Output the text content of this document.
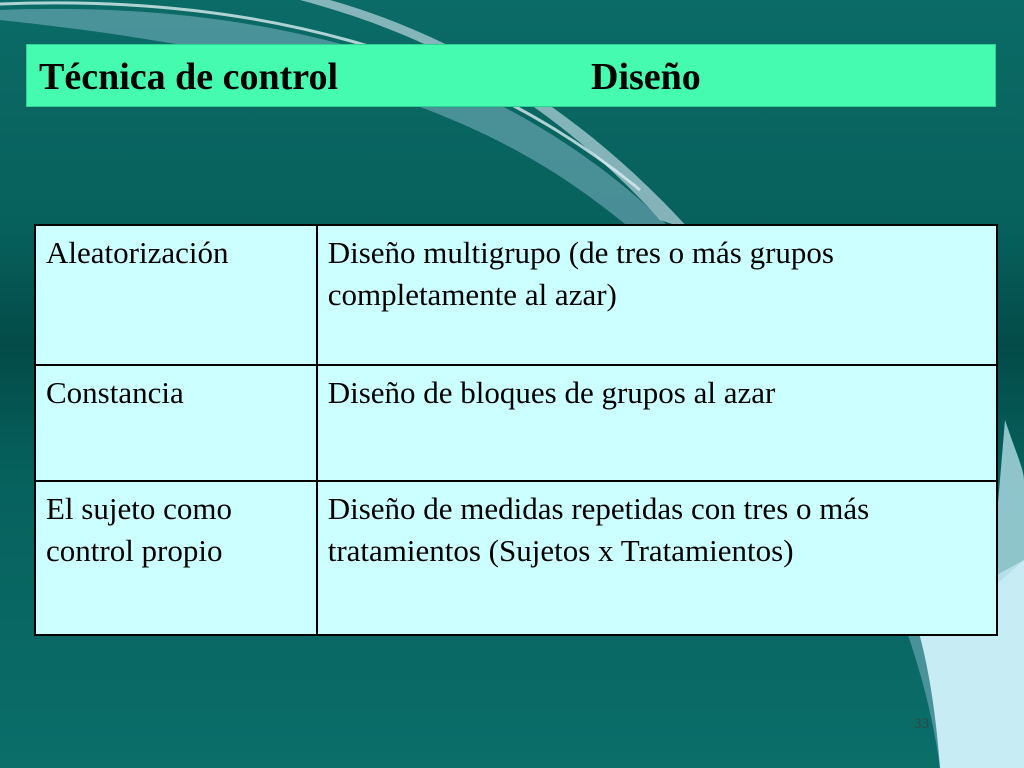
Técnica de control	Diseño
Aleatorización	Diseño multigrupo (de tres o más grupos completamente al azar)
Constancia	Diseño de bloques de grupos al azar
El sujeto como control propio	Diseño de medidas repetidas con tres o más tratamientos (Sujetos x Tratamientos)
33
